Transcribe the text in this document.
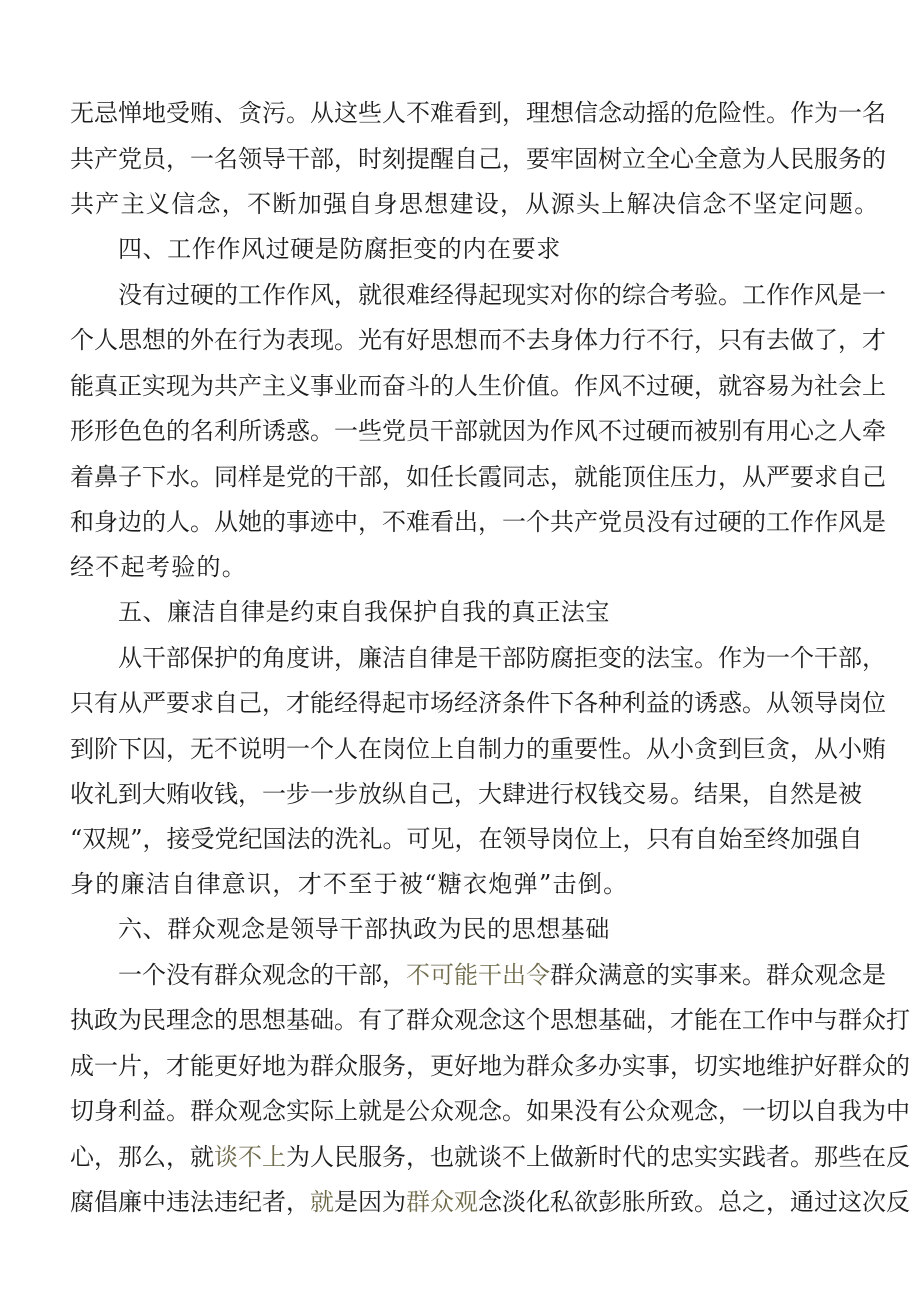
无忌惮地受贿、贪污。从这些人不难看到，理想信念动摇的危险性。作为一名
共产党员，一名领导干部，时刻提醒自己，要牢固树立全心全意为人民服务的
共产主义信念，不断加强自身思想建设，从源头上解决信念不坚定问题。
四、工作作风过硬是防腐拒变的内在要求
没有过硬的工作作风，就很难经得起现实对你的综合考验。工作作风是一
个人思想的外在行为表现。光有好思想而不去身体力行不行，只有去做了，才
能真正实现为共产主义事业而奋斗的人生价值。作风不过硬，就容易为社会上
形形色色的名利所诱惑。一些党员干部就因为作风不过硬而被别有用心之人牵
着鼻子下水。同样是党的干部，如任长霞同志，就能顶住压力，从严要求自己
和身边的人。从她的事迹中，不难看出，一个共产党员没有过硬的工作作风是
经不起考验的。
五、廉洁自律是约束自我保护自我的真正法宝
从干部保护的角度讲，廉洁自律是干部防腐拒变的法宝。作为一个干部，
只有从严要求自己，才能经得起市场经济条件下各种利益的诱惑。从领导岗位
到阶下囚，无不说明一个人在岗位上自制力的重要性。从小贪到巨贪，从小贿
收礼到大贿收钱，一步一步放纵自己，大肆进行权钱交易。结果，自然是被
“双规”，接受党纪国法的洗礼。可见，在领导岗位上，只有自始至终加强自
身的廉洁自律意识，才不至于被“糖衣炮弹”击倒。
六、群众观念是领导干部执政为民的思想基础
一个没有群众观念的干部，不可能干出令群众满意的实事来。群众观念是
执政为民理念的思想基础。有了群众观念这个思想基础，才能在工作中与群众打
成一片，才能更好地为群众服务，更好地为群众多办实事，切实地维护好群众的
切身利益。群众观念实际上就是公众观念。如果没有公众观念，一切以自我为中
心，那么，就谈不上为人民服务，也就谈不上做新时代的忠实实践者。那些在反
腐倡廉中违法违纪者，就是因为群众观念淡化私欲彭胀所致。总之，通过这次反
